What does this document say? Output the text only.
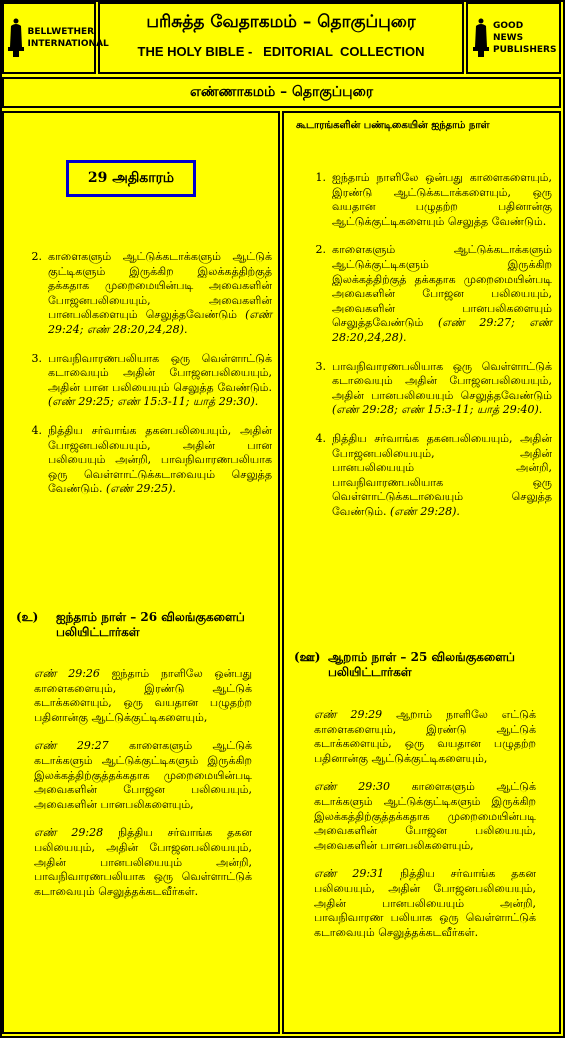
BELLWETHER INTERNATIONAL
பரிசுத்த வேதாகமம் – தொகுப்புரை
THE HOLY BIBLE -   EDITORIAL  COLLECTION
GOOD NEWS PUBLISHERS
எண்ணாகமம் – தொகுப்புரை
29 அதிகாரம்
2. காளைகளும் ஆட்டுக்கடாக்களும் ஆட்டுக் குட்டிகளும் இருக்கிற இலக்கத்திற்குத் தக்கதாக முறைமையின்படி அவைகளின் போஜனபலியையும், அவைகளின் பானபலிகளையும் செலுத்தவேண்டும் (எண் 29:24; எண் 28:20,24,28).
3. பாவநிவாரணபலியாக ஒரு வெள்ளாட்டுக் கடாவையும் அதின் போஜனபலியையும், அதின் பான பலியையும் செலுத்த வேண்டும். (எண் 29:25; எண் 15:3-11; யாத் 29:30).
4. நித்திய சர்வாங்க தகனபலியையும், அதின் போஜனபலியையும், அதின் பான பலியையும் அன்றி, பாவநிவாரணபலியாக ஒரு வெள்ளாட்டுக்கடாவையும் செலுத்த வேண்டும். (எண் 29:25).
(உ)	ஐந்தாம் நாள் – 26 விலங்குகளைப் பலியிட்டார்கள்

எண் 29:26 ஐந்தாம் நாளிலே ஒன்பது காளைகளையும், இரண்டு ஆட்டுக் கடாக்களையும், ஒரு வயதான பழுதற்ற பதினான்கு ஆட்டுக்குட்டிகளையும்,

எண் 29:27 காளைகளும் ஆட்டுக் கடாக்களும் ஆட்டுக்குட்டிகளும் இருக்கிற இலக்கத்திற்குத்தக்கதாக முறைமையின்படி அவைகளின் போஜன பலியையும், அவைகளின் பானபலிகளையும்,

எண் 29:28 நித்திய சர்வாங்க தகன பலியையும், அதின் போஜனபலியையும், அதின் பானபலியையும் அன்றி, பாவநிவாரணபலியாக ஒரு வெள்ளாட்டுக் கடாவையும் செலுத்தக்கடவீர்கள்.

கூடாரங்களின் பண்டிகையின் ஐந்தாம் நாள்
1. ஐந்தாம் நாளிலே ஒன்பது காளைகளையும், இரண்டு ஆட்டுக்கடாக்களையும், ஒரு வயதான பழுதற்ற பதினான்கு ஆட்டுக்குட்டிகளையும் செலுத்த வேண்டும்.
2. காளைகளும் ஆட்டுக்கடாக்களும் ஆட்டுக்குட்டிகளும் இருக்கிற இலக்கத்திற்குத் தக்கதாக முறைமையின்படி அவைகளின் போஜன பலியையும், அவைகளின் பானபலிகளையும் செலுத்தவேண்டும் (எண் 29:27; எண் 28:20,24,28).
3. பாவநிவாரணபலியாக ஒரு வெள்ளாட்டுக் கடாவையும் அதின் போஜனபலியையும், அதின் பானபலியையும் செலுத்தவேண்டும் (எண் 29:28; எண் 15:3-11; யாத் 29:40).
4. நித்திய சர்வாங்க தகனபலியையும், அதின் போஜனபலியையும், அதின் பானபலியையும் அன்றி, பாவநிவாரணபலியாக ஒரு வெள்ளாட்டுக்கடாவையும் செலுத்த வேண்டும். (எண் 29:28).
(ஊ) ஆறாம் நாள் – 25 விலங்குகளைப் பலியிட்டார்கள்

எண் 29:29 ஆறாம் நாளிலே எட்டுக் காளைகளையும், இரண்டு ஆட்டுக் கடாக்களையும், ஒரு வயதான பழுதற்ற பதினான்கு ஆட்டுக்குட்டிகளையும்,

எண் 29:30 காளைகளும் ஆட்டுக் கடாக்களும் ஆட்டுக்குட்டிகளும் இருக்கிற இலக்கத்திற்குத்தக்கதாக முறைமையின்படி அவைகளின் போஜன பலியையும், அவைகளின் பானபலிகளையும்,

எண் 29:31 நித்திய சர்வாங்க தகன பலியையும், அதின் போஜனபலியையும், அதின் பானபலியையும் அன்றி, பாவநிவாரண பலியாக ஒரு வெள்ளாட்டுக் கடாவையும் செலுத்தக்கடவீர்கள்.
